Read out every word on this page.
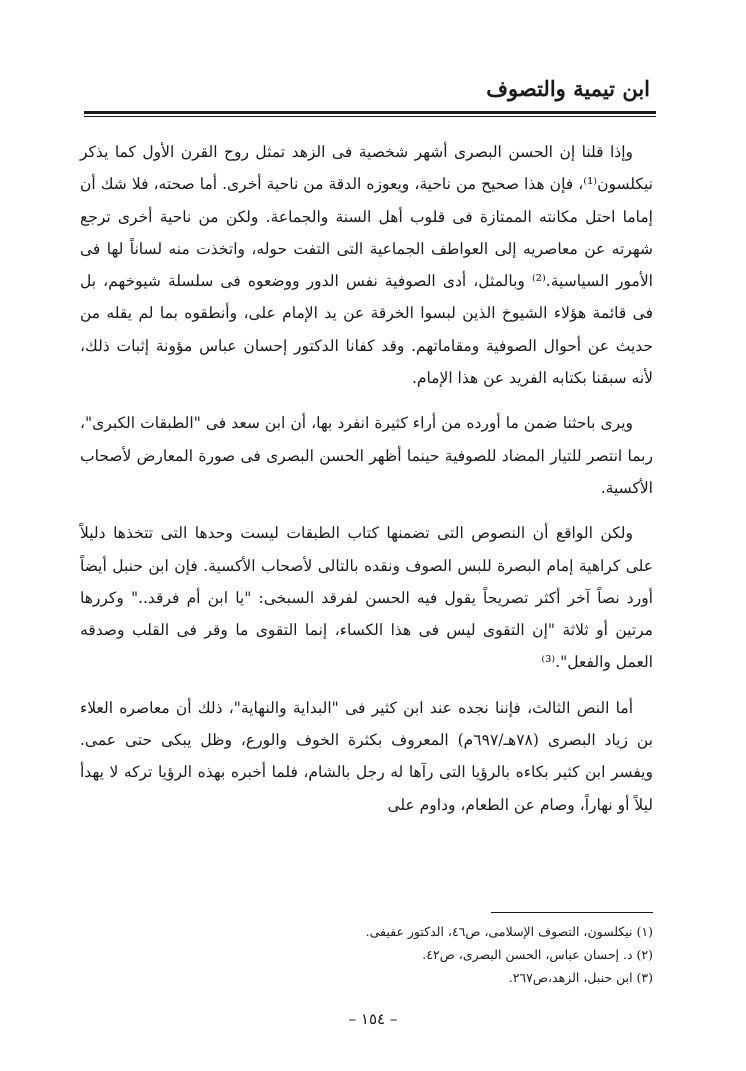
ابن تيمية والتصوف

وإذا قلنا إن الحسن البصرى أشهر شخصية فى الزهد تمثل روح القرن الأول كما يذكر نيكلسون⁽¹⁾، فإن هذا صحيح من ناحية، ويعوزه الدقة من ناحية أخرى. أما صحته، فلا شك أن إماما احتل مكانته الممتازة فى قلوب أهل السنة والجماعة. ولكن من ناحية أخرى ترجع شهرته عن معاصريه إلى العواطف الجماعية التى التفت حوله، واتخذت منه لساناً لها فى الأمور السياسية.⁽²⁾ وبالمثل، أدى الصوفية نفس الدور ووضعوه فى سلسلة شيوخهم، بل فى قائمة هؤلاء الشيوخ الذين لبسوا الخرقة عن يد الإمام على، وأنطقوه بما لم يقله من حديث عن أحوال الصوفية ومقاماتهم. وقد كفانا الدكتور إحسان عباس مؤونة إثبات ذلك، لأنه سبقنا بكتابه الفريد عن هذا الإمام.

ويرى باحثنا ضمن ما أورده من أراء كثيرة انفرد بها، أن ابن سعد فى "الطبقات الكبرى"، ربما انتصر للتيار المضاد للصوفية حينما أظهر الحسن البصرى فى صورة المعارض لأصحاب الأكسية.

ولكن الواقع أن النصوص التى تضمنها كتاب الطبقات ليست وحدها التى تتخذها دليلاً على كراهية إمام البصرة للبس الصوف ونقده بالتالى لأصحاب الأكسية. فإن ابن حنبل أيضاً أورد نصاً آخر أكثر تصريحاً يقول فيه الحسن لفرقد السبخى: "يا ابن أم فرقد.." وكررها مرتين أو ثلاثة "إن التقوى ليس فى هذا الكساء، إنما التقوى ما وقر فى القلب وصدقه العمل والفعل".⁽³⁾

أما النص الثالث، فإننا نجده عند ابن كثير فى "البداية والنهاية"، ذلك أن معاصره العلاء بن زياد البصرى (٧٨هـ/٦٩٧م) المعروف بكثرة الخوف والورع، وظل يبكى حتى عمى. ويفسر ابن كثير بكاءه بالرؤيا التى رآها له رجل بالشام، فلما أخبره بهذه الرؤيا تركه لا يهدأ ليلاً أو نهاراً، وصام عن الطعام، وداوم على

(١) نيكلسون، التصوف الإسلامى، ص٤٦، الدكتور عفيفى.
(٢) د. إحسان عباس، الحسن البصرى، ص٤٢.
(٣) ابن حنبل، الزهد،ص٢٦٧.
– ١٥٤ –
